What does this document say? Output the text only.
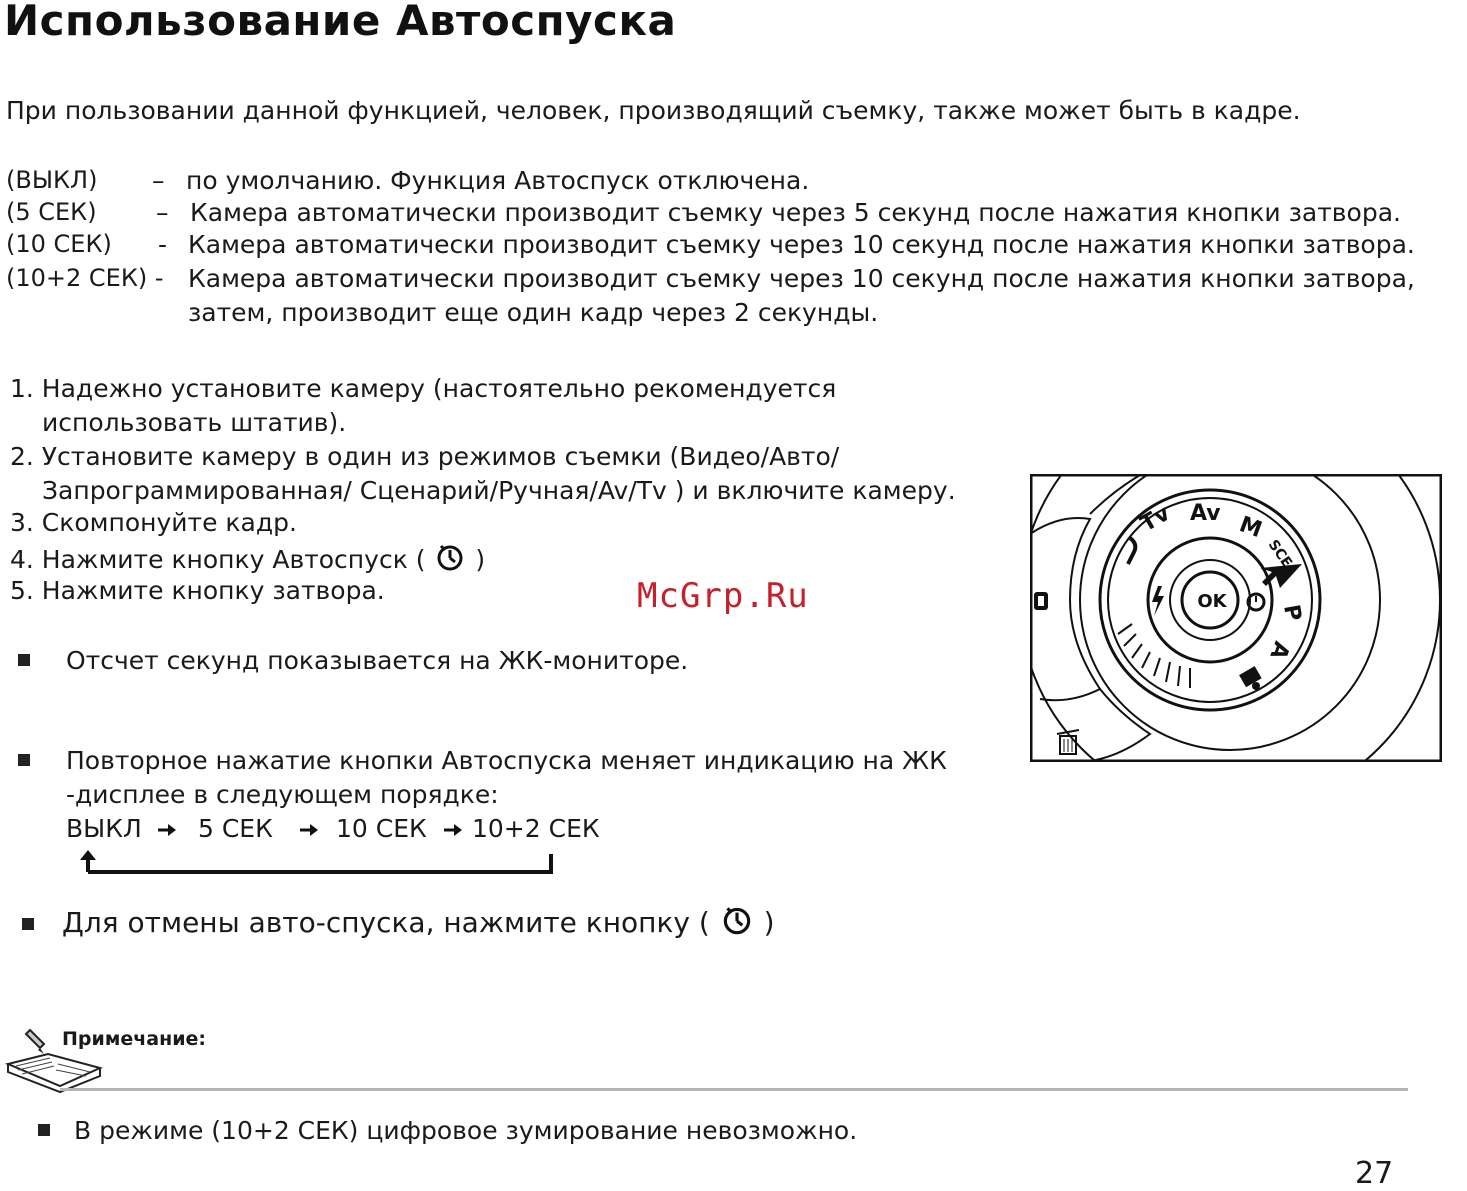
Использование Автоспуска
При пользовании данной функцией, человек, производящий съемку, также может быть в кадре.
(ВЫКЛ) – по умолчанию. Функция Автоспуск отключена.
(5 СЕК) – Камера автоматически производит съемку через 5 секунд после нажатия кнопки затвора.
(10 СЕК) - Камера автоматически производит съемку через 10 секунд после нажатия кнопки затвора.
(10+2 СЕК) - Камера автоматически производит съемку через 10 секунд после нажатия кнопки затвора,
затем, производит еще один кадр через 2 секунды.
1. Надежно установите камеру (настоятельно рекомендуется
использовать штатив).
2. Установите камеру в один из режимов съемки (Видео/Авто/
Запрограммированная/ Сценарий/Ручная/Av/Tv ) и включите камеру.
3. Скомпонуйте кадр.
4. Нажмите кнопку Автоспуск ( )
5. Нажмите кнопку затвора.	McGrp.Ru
Отсчет секунд показывается на ЖК-мониторе.
Повторное нажатие кнопки Автоспуска меняет индикацию на ЖК
-дисплее в следующем порядке:
ВЫКЛ 5 СЕК	10 СЕК 10+2 СЕК
Для отмены авто-спуска, нажмите кнопку ( )
Примечание:
В режиме (10+2 СЕК) цифровое зумирование невозможно.
27
OK
Tv Av M
SCE
P
A
